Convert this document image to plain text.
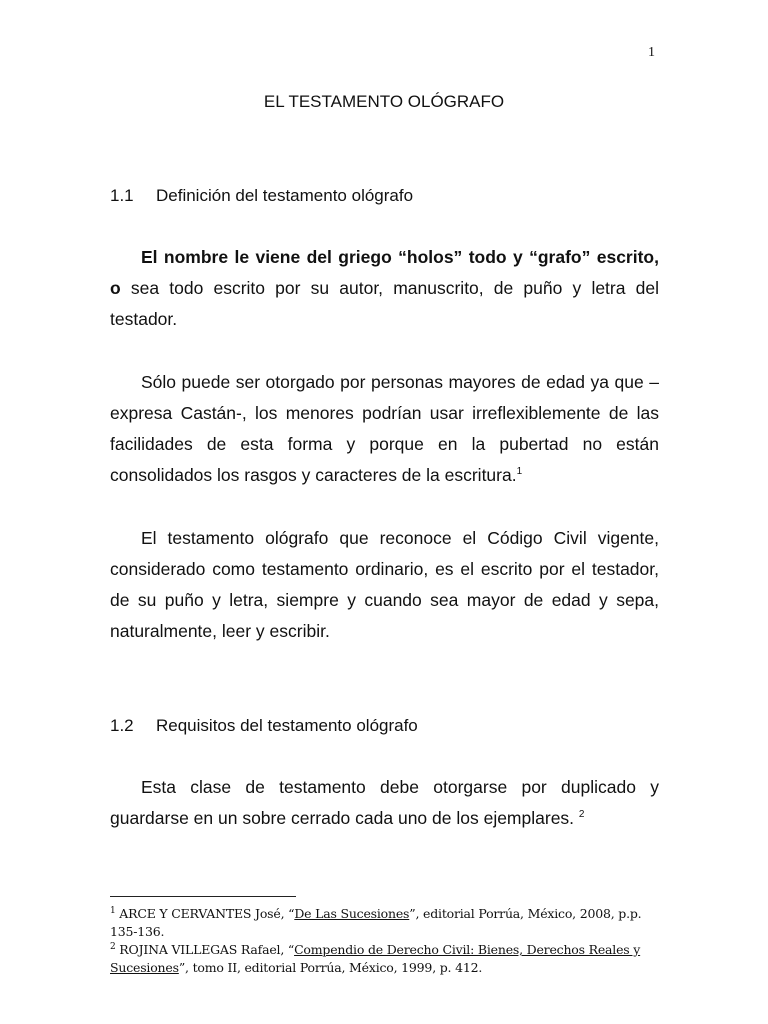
1
EL TESTAMENTO OLÓGRAFO
1.1 Definición del testamento ológrafo
El nombre le viene del griego “holos” todo y “grafo” escrito, o sea todo escrito por su autor, manuscrito, de puño y letra del testador.
Sólo puede ser otorgado por personas mayores de edad ya que –expresa Castán-, los menores podrían usar irreflexiblemente de las facilidades de esta forma y porque en la pubertad no están consolidados los rasgos y caracteres de la escritura.$^1$
El testamento ológrafo que reconoce el Código Civil vigente, considerado como testamento ordinario, es el escrito por el testador, de su puño y letra, siempre y cuando sea mayor de edad y sepa, naturalmente, leer y escribir.
1.2 Requisitos del testamento ológrafo
Esta clase de testamento debe otorgarse por duplicado y guardarse en un sobre cerrado cada uno de los ejemplares. $^2$
$^1$ ARCE Y CERVANTES José, “De Las Sucesiones”, editorial Porrúa, México, 2008, p.p. 135-136.
$^2$ ROJINA VILLEGAS Rafael, “Compendio de Derecho Civil: Bienes, Derechos Reales y Sucesiones”, tomo II, editorial Porrúa, México, 1999, p. 412.
